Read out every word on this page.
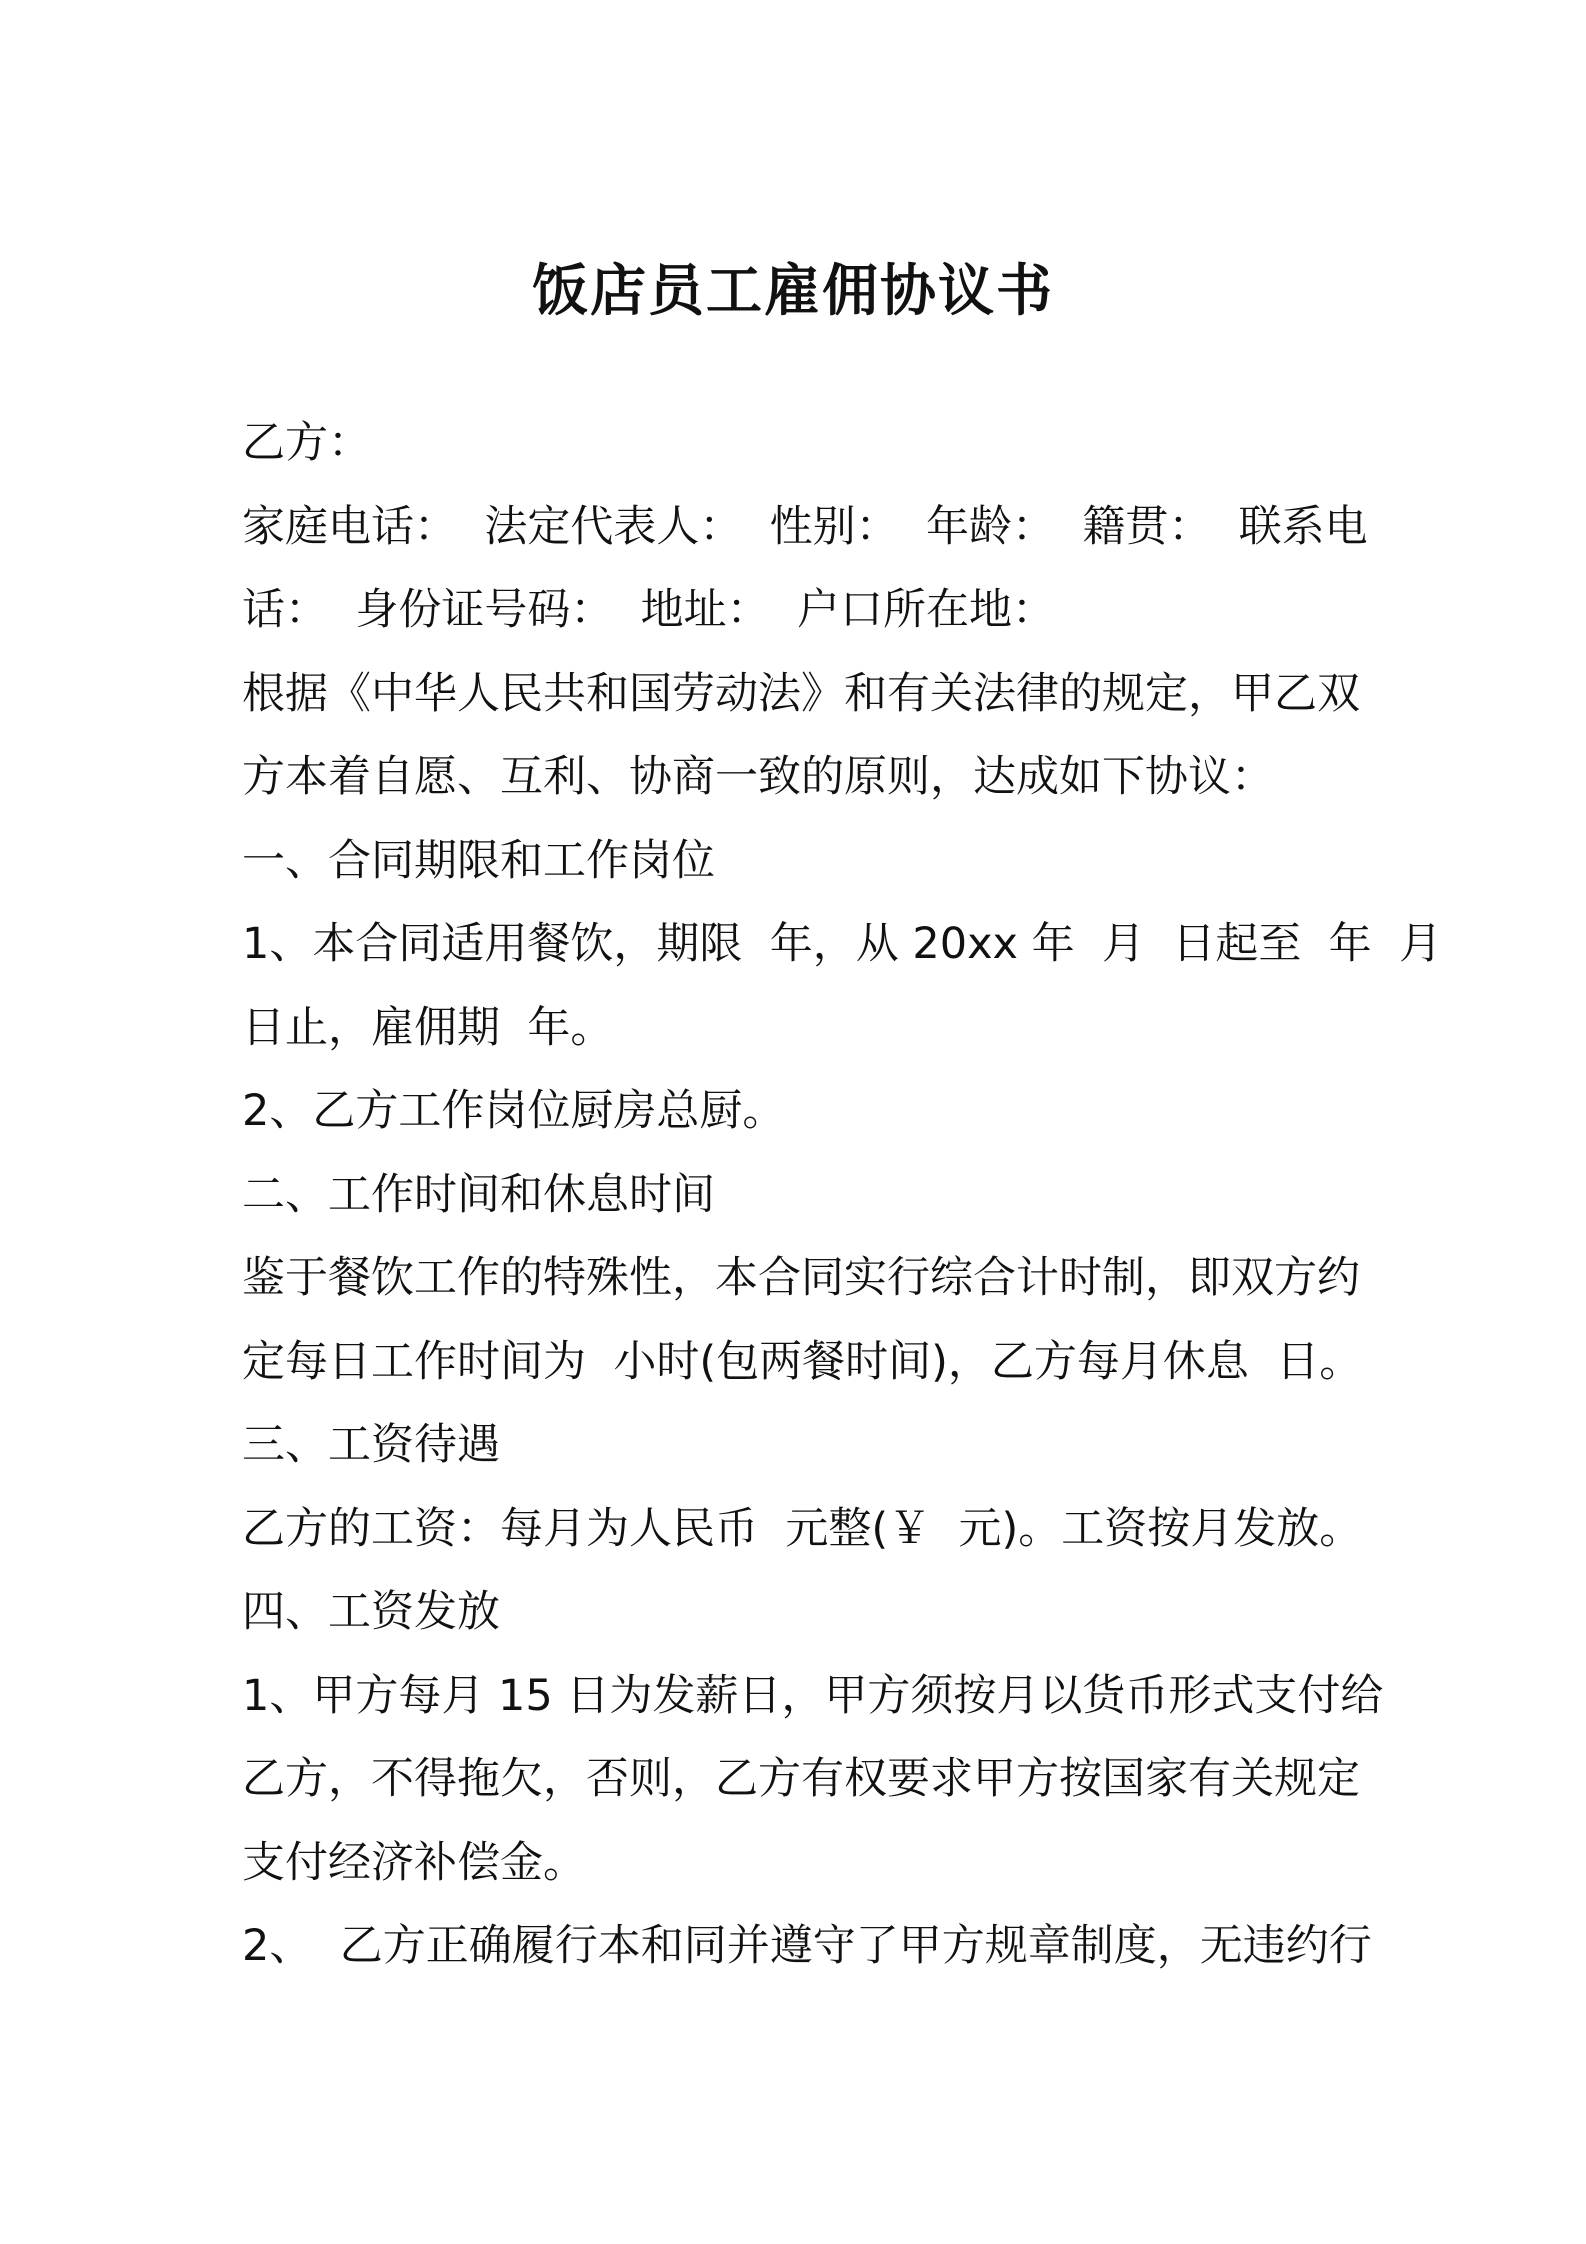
饭店员工雇佣协议书

乙方：

家庭电话：  法定代表人：  性别：  年龄：  籍贯：  联系电

话：  身份证号码：  地址：  户口所在地：

根据《中华人民共和国劳动法》和有关法律的规定，甲乙双

方本着自愿、互利、协商一致的原则，达成如下协议：

一、合同期限和工作岗位

1、本合同适用餐饮，期限  年，从 20xx 年  月  日起至  年  月

日止，雇佣期  年。

2、乙方工作岗位厨房总厨。

二、工作时间和休息时间

鉴于餐饮工作的特殊性，本合同实行综合计时制，即双方约

定每日工作时间为  小时(包两餐时间)，乙方每月休息  日。

三、工资待遇

乙方的工资：每月为人民币  元整(￥  元)。工资按月发放。

四、工资发放

1、甲方每月 15 日为发薪日，甲方须按月以货币形式支付给

乙方，不得拖欠，否则，乙方有权要求甲方按国家有关规定

支付经济补偿金。

2、  乙方正确履行本和同并遵守了甲方规章制度，无违约行
